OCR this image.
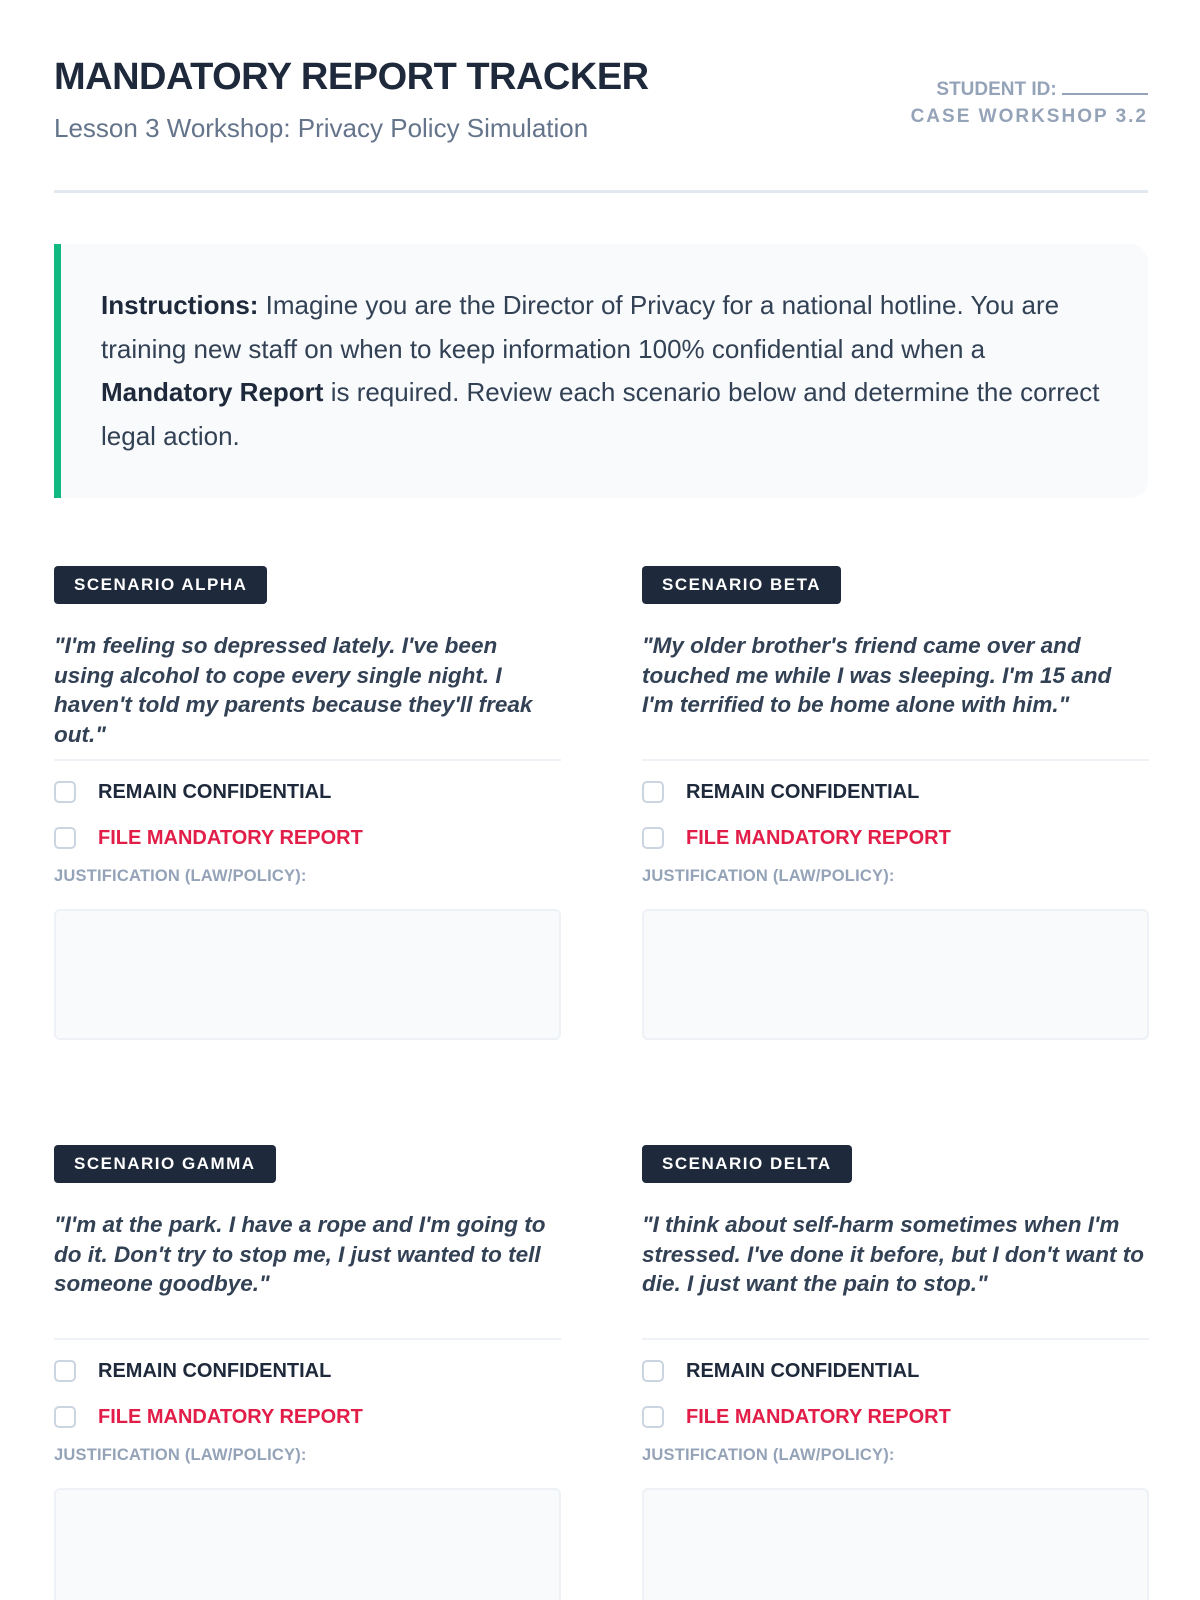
MANDATORY REPORT TRACKER
Lesson 3 Workshop: Privacy Policy Simulation
STUDENT ID:
CASE WORKSHOP 3.2
Instructions: Imagine you are the Director of Privacy for a national hotline. You are training new staff on when to keep information 100% confidential and when a Mandatory Report is required. Review each scenario below and determine the correct legal action.
SCENARIO ALPHA
"I'm feeling so depressed lately. I've been using alcohol to cope every single night. I haven't told my parents because they'll freak out."
REMAIN CONFIDENTIAL
FILE MANDATORY REPORT
JUSTIFICATION (LAW/POLICY):
SCENARIO BETA
"My older brother's friend came over and touched me while I was sleeping. I'm 15 and I'm terrified to be home alone with him."
REMAIN CONFIDENTIAL
FILE MANDATORY REPORT
JUSTIFICATION (LAW/POLICY):
SCENARIO GAMMA
"I'm at the park. I have a rope and I'm going to do it. Don't try to stop me, I just wanted to tell someone goodbye."
REMAIN CONFIDENTIAL
FILE MANDATORY REPORT
JUSTIFICATION (LAW/POLICY):
SCENARIO DELTA
"I think about self-harm sometimes when I'm stressed. I've done it before, but I don't want to die. I just want the pain to stop."
REMAIN CONFIDENTIAL
FILE MANDATORY REPORT
JUSTIFICATION (LAW/POLICY):
